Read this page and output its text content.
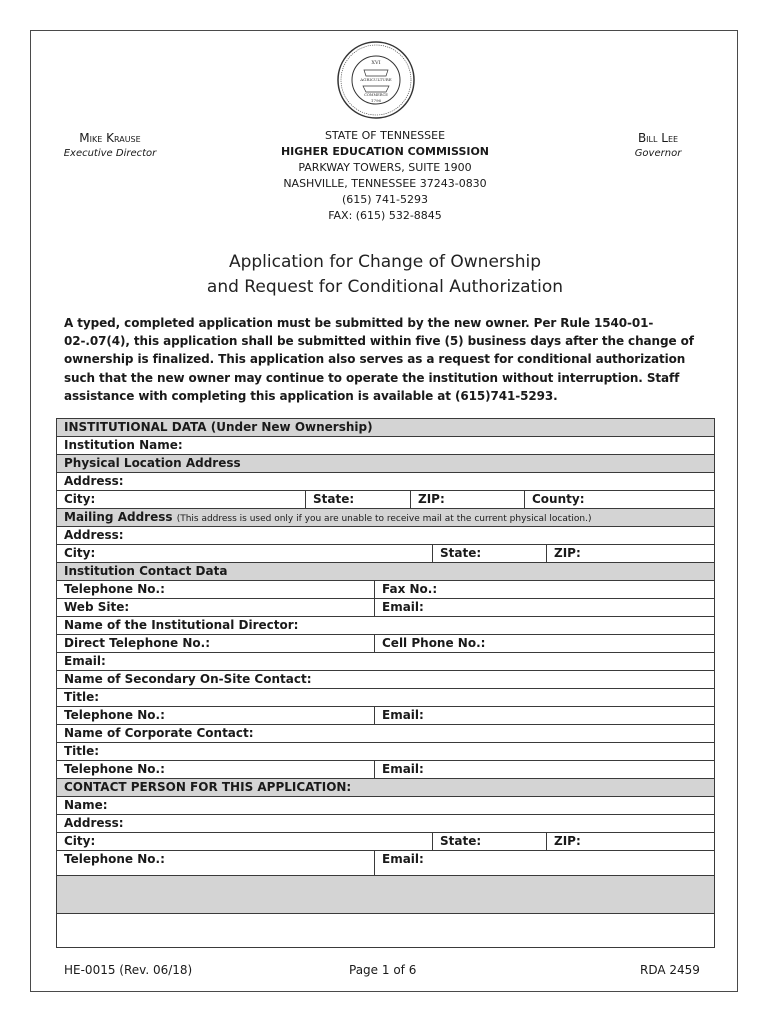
XVI
AGRICULTURE
COMMERCE
1796
Mike Krause
Executive Director
STATE OF TENNESSEE
HIGHER EDUCATION COMMISSION
PARKWAY TOWERS, SUITE 1900
NASHVILLE, TENNESSEE 37243-0830
(615) 741-5293
FAX: (615) 532-8845
Bill Lee
Governor
Application for Change of Ownership
and Request for Conditional Authorization
A typed, completed application must be submitted by the new owner. Per Rule 1540-01-02-.07(4), this application shall be submitted within five (5) business days after the change of ownership is finalized. This application also serves as a request for conditional authorization such that the new owner may continue to operate the institution without interruption. Staff assistance with completing this application is available at (615)741-5293.
INSTITUTIONAL DATA (Under New Ownership)
Institution Name:
Physical Location Address
Address:
City:	State:	ZIP:	County:
Mailing Address (This address is used only if you are unable to receive mail at the current physical location.)
Address:
City:	State:	ZIP:
Institution Contact Data
Telephone No.:	Fax No.:
Web Site:	Email:
Name of the Institutional Director:
Direct Telephone No.:	Cell Phone No.:
Email:
Name of Secondary On-Site Contact:
Title:
Telephone No.:	Email:
Name of Corporate Contact:
Title:
Telephone No.:	Email:
CONTACT PERSON FOR THIS APPLICATION:
Name:
Address:
City:	State:	ZIP:
Telephone No.:	Email:
HE-0015 (Rev. 06/18)	Page 1 of 6	RDA 2459
